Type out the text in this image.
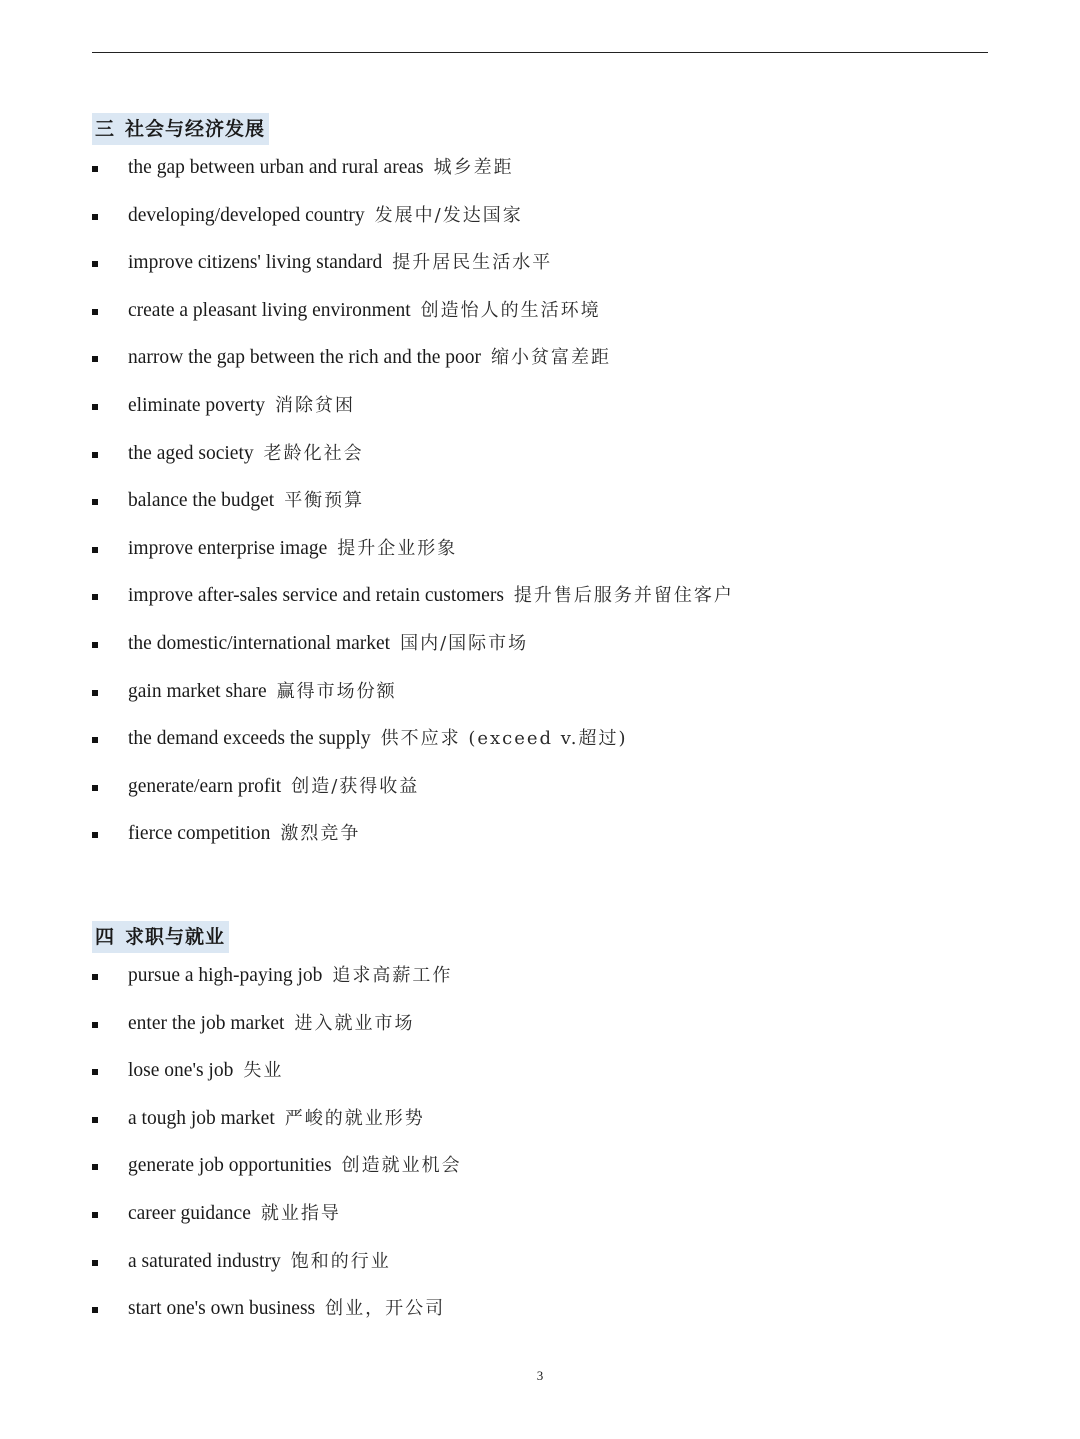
三 社会与经济发展
the gap between urban and rural areas 城乡差距
developing/developed country 发展中/发达国家
improve citizens' living standard 提升居民生活水平
create a pleasant living environment 创造怡人的生活环境
narrow the gap between the rich and the poor 缩小贫富差距
eliminate poverty 消除贫困
the aged society 老龄化社会
balance the budget 平衡预算
improve enterprise image 提升企业形象
improve after-sales service and retain customers 提升售后服务并留住客户
the domestic/international market 国内/国际市场
gain market share 赢得市场份额
the demand exceeds the supply 供不应求 (exceed v.超过)
generate/earn profit 创造/获得收益
fierce competition 激烈竞争
四 求职与就业
pursue a high-paying job 追求高薪工作
enter the job market 进入就业市场
lose one's job 失业
a tough job market 严峻的就业形势
generate job opportunities 创造就业机会
career guidance 就业指导
a saturated industry 饱和的行业
start one's own business 创业，开公司
3
